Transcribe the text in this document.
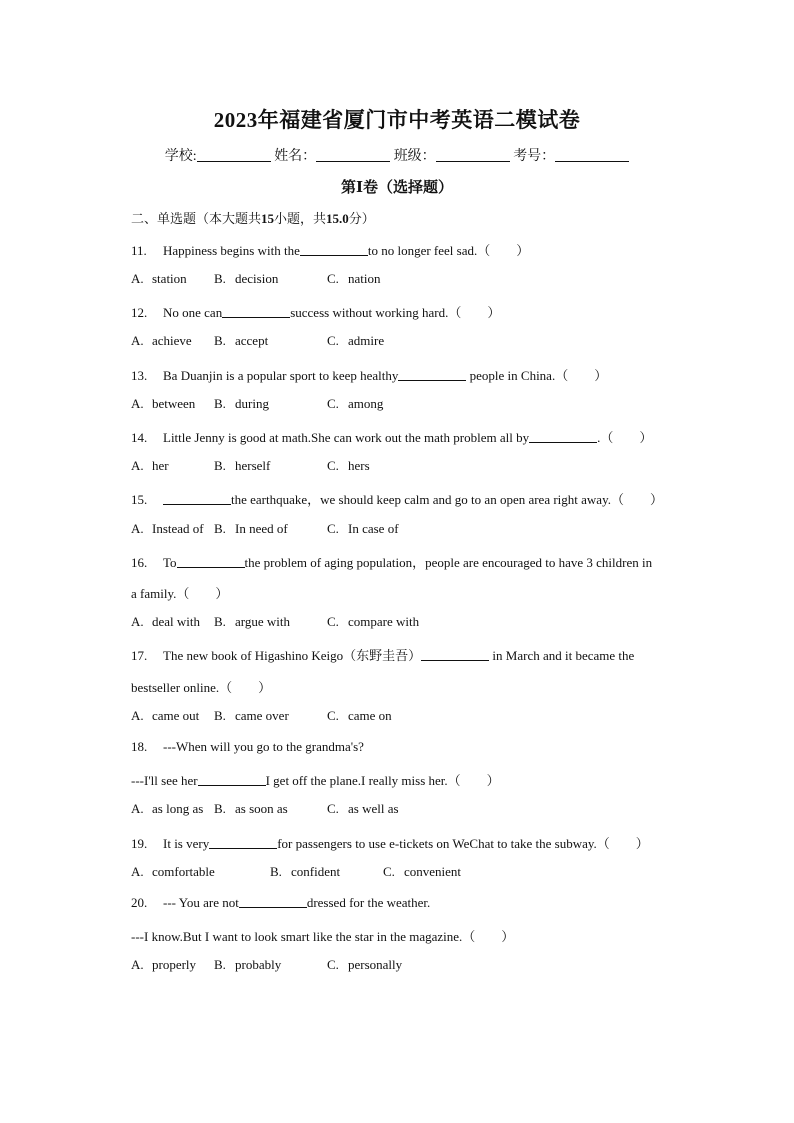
2023年福建省厦门市中考英语二模试卷
学校:	姓名：	班级：	考号：
第Ⅰ卷（选择题）
二、单选题（本大题共15小题，共15.0分）
11. Happiness begins with the	to no longer feel sad.（　　）
A. station B. decision	C. nation
12. No one can	success without working hard.（　　）
A. achieve B. accept	C. admire
13. Ba Duanjin is a popular sport to keep healthy	people in China.（　　）
A. between B. during	C. among
14. Little Jenny is good at math.She can work out the math problem all by	.（　　）
A. her	B. herself	C. hers
15.	the earthquake，we should keep calm and go to an open area right away.（　　）
A. Instead of B. In need of	C. In case of
16. To	the problem of aging population，people are encouraged to have 3 children in
a family.（　　）
A. deal with B. argue with	C. compare with
17. The new book of Higashino Keigo（东野圭吾）	in March and it became the
bestseller online.（　　）
A. came out B. came over	C. came on
18. ---When will you go to the grandma's?
---I'll see her	I get off the plane.I really miss her.（　　）
A. as long as B. as soon as	C. as well as
19. It is very	for passengers to use e-tickets on WeChat to take the subway.（　　）
A. comfortable	B. confident	C. convenient
20. --- You are not	dressed for the weather.
---I know.But I want to look smart like the star in the magazine.（　　）
A. properly B. probably	C. personally
